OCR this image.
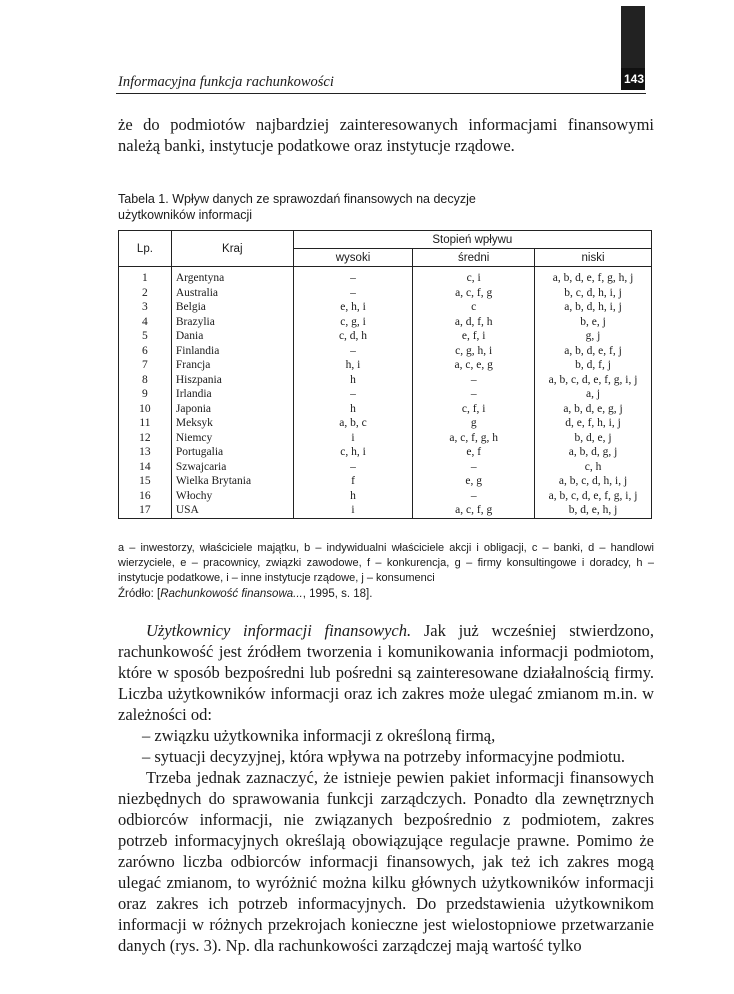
143
Informacyjna funkcja rachunkowości

że do podmiotów najbardziej zainteresowanych informacjami finansowymi należą banki, instytucje podatkowe oraz instytucje rządowe.

Tabela 1. Wpływ danych ze sprawozdań finansowych na decyzje użytkowników informacji

Lp.	Kraj	Stopień wpływu		
		wysoki	średni	niski
1	Argentyna	–	c, i	a, b, d, e, f, g, h, j
2	Australia	–	a, c, f, g	b, c, d, h, i, j
3	Belgia	e, h, i	c	a, b, d, h, i, j
4	Brazylia	c, g, i	a, d, f, h	b, e, j
5	Dania	c, d, h	e, f, i	g, j
6	Finlandia	–	c, g, h, i	a, b, d, e, f, j
7	Francja	h, i	a, c, e, g	b, d, f, j
8	Hiszpania	h	–	a, b, c, d, e, f, g, i, j
9	Irlandia	–	–	a, j
10	Japonia	h	c, f, i	a, b, d, e, g, j
11	Meksyk	a, b, c	g	d, e, f, h, i, j
12	Niemcy	i	a, c, f, g, h	b, d, e, j
13	Portugalia	c, h, i	e, f	a, b, d, g, j
14	Szwajcaria	–	–	c, h
15	Wielka Brytania	f	e, g	a, b, c, d, h, i, j
16	Włochy	h	–	a, b, c, d, e, f, g, i, j
17	USA	i	a, c, f, g	b, d, e, h, j

a – inwestorzy, właściciele majątku, b – indywidualni właściciele akcji i obligacji, c – banki, d – handlowi wierzyciele, e – pracownicy, związki zawodowe, f – konkurencja, g – firmy konsultingowe i doradcy, h – instytucje podatkowe, i – inne instytucje rządowe, j – konsumenci

Źródło: [Rachunkowość finansowa..., 1995, s. 18].

Użytkownicy informacji finansowych. Jak już wcześniej stwierdzono, rachunkowość jest źródłem tworzenia i komunikowania informacji podmiotom, które w sposób bezpośredni lub pośredni są zainteresowane działalnością firmy. Liczba użytkowników informacji oraz ich zakres może ulegać zmianom m.in. w zależności od:

– związku użytkownika informacji z określoną firmą,

– sytuacji decyzyjnej, która wpływa na potrzeby informacyjne podmiotu.

Trzeba jednak zaznaczyć, że istnieje pewien pakiet informacji finansowych niezbędnych do sprawowania funkcji zarządczych. Ponadto dla zewnętrznych odbiorców informacji, nie związanych bezpośrednio z podmiotem, zakres potrzeb informacyjnych określają obowiązujące regulacje prawne. Pomimo że zarówno liczba odbiorców informacji finansowych, jak też ich zakres mogą ulegać zmianom, to wyróżnić można kilku głównych użytkowników informacji oraz zakres ich potrzeb informacyjnych. Do przedstawienia użytkownikom informacji w różnych przekrojach konieczne jest wielostopniowe przetwarzanie danych (rys. 3). Np. dla rachunkowości zarządczej mają wartość tylko
